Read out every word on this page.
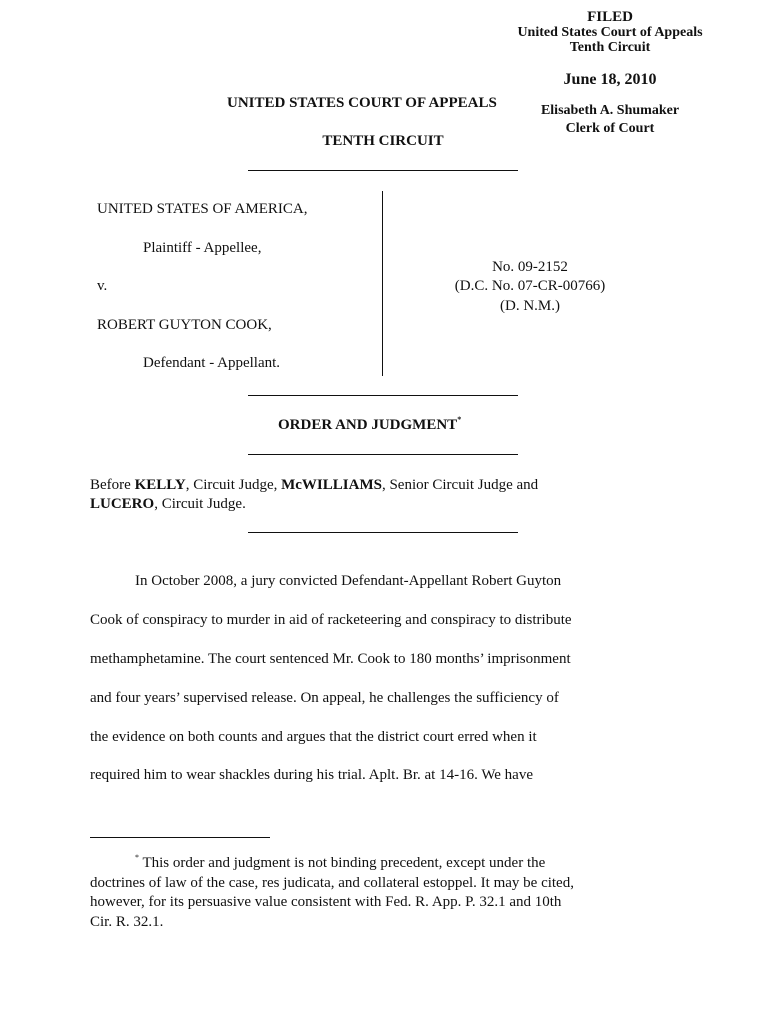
FILED
United States Court of Appeals
Tenth Circuit
June 18, 2010
UNITED STATES COURT OF APPEALS	Elisabeth A. Shumaker
Clerk of Court
TENTH CIRCUIT
UNITED STATES OF AMERICA,
Plaintiff - Appellee,
v.
ROBERT GUYTON COOK,
Defendant - Appellant.
No. 09-2152
(D.C. No. 07-CR-00766)
(D. N.M.)
ORDER AND JUDGMENT*
Before KELLY, Circuit Judge, McWILLIAMS, Senior Circuit Judge and
LUCERO, Circuit Judge.
In October 2008, a jury convicted Defendant-Appellant Robert Guyton
Cook of conspiracy to murder in aid of racketeering and conspiracy to distribute
methamphetamine. The court sentenced Mr. Cook to 180 months’ imprisonment
and four years’ supervised release. On appeal, he challenges the sufficiency of
the evidence on both counts and argues that the district court erred when it
required him to wear shackles during his trial. Aplt. Br. at 14-16. We have
* This order and judgment is not binding precedent, except under the
doctrines of law of the case, res judicata, and collateral estoppel. It may be cited,
however, for its persuasive value consistent with Fed. R. App. P. 32.1 and 10th
Cir. R. 32.1.
